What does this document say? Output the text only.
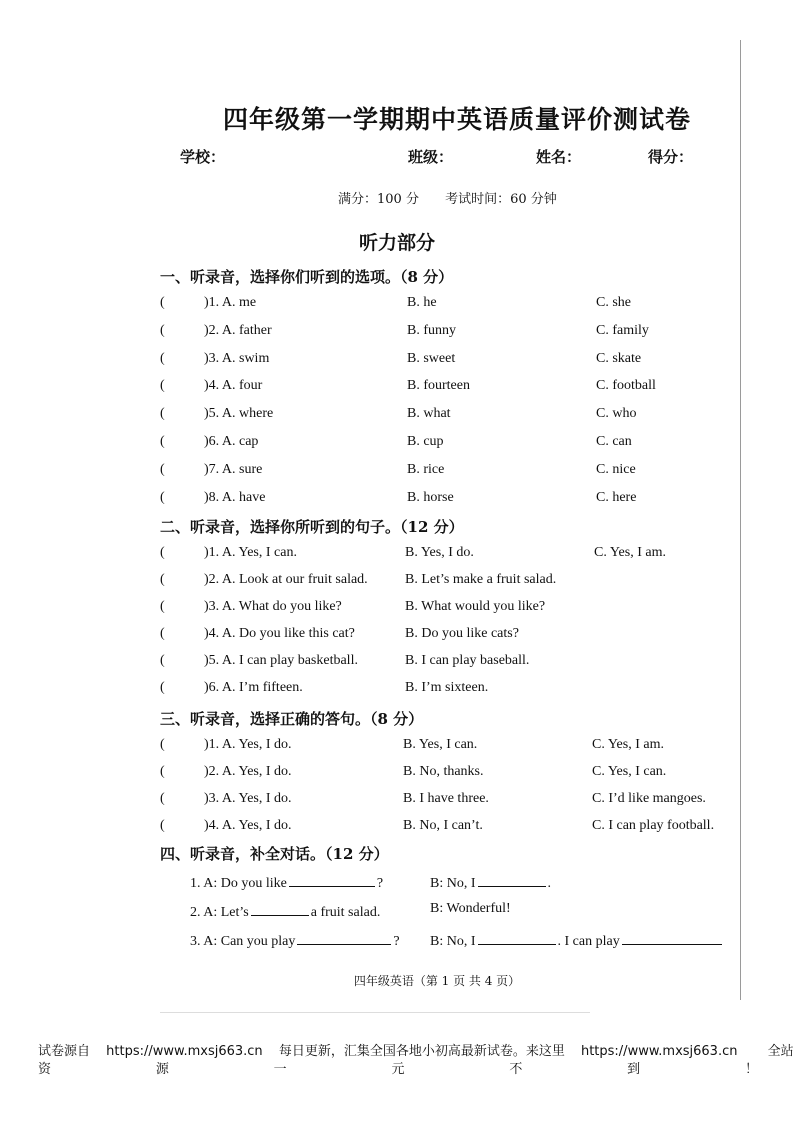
四年级第一学期期中英语质量评价测试卷
学校：	班级：	姓名：	得分：
满分：100 分 考试时间：60 分钟
听力部分
一、听录音，选择你们听到的选项。（8 分）
(	)1. A. me	B. he	C. she
(	)2. A. father	B. funny	C. family
(	)3. A. swim	B. sweet	C. skate
(	)4. A. four	B. fourteen	C. football
(	)5. A. where	B. what	C. who
(	)6. A. cap	B. cup	C. can
(	)7. A. sure	B. rice	C. nice
(	)8. A. have	B. horse	C. here
二、听录音，选择你所听到的句子。（12 分）
(	)1. A. Yes, I can.	B. Yes, I do.	C. Yes, I am.
(	)2. A. Look at our fruit salad.	B. Let’s make a fruit salad.
(	)3. A. What do you like?	B. What would you like?
(	)4. A. Do you like this cat?	B. Do you like cats?
(	)5. A. I can play basketball.	B. I can play baseball.
(	)6. A. I’m fifteen.	B. I’m sixteen.
三、听录音，选择正确的答句。（8 分）
(	)1. A. Yes, I do.	B. Yes, I can.	C. Yes, I am.
(	)2. A. Yes, I do.	B. No, thanks.	C. Yes, I can.
(	)3. A. Yes, I do.	B. I have three.	C. I’d like mangoes.
(	)4. A. Yes, I do.	B. No, I can’t.	C. I can play football.
四、听录音，补全对话。（12 分）
1. A: Do you like	?	B: No, I	.
2. A: Let’s	a fruit salad.	B: Wonderful!
3. A: Can you play	? B: No, I	. I can play
四年级英语（第 1 页 共 4 页）
试卷源自 https://www.mxsj663.cn 每日更新，汇集全国各地小初高最新试卷。来这里 https://www.mxsj663.cn 全站
资	源	一	元	不	到	！
